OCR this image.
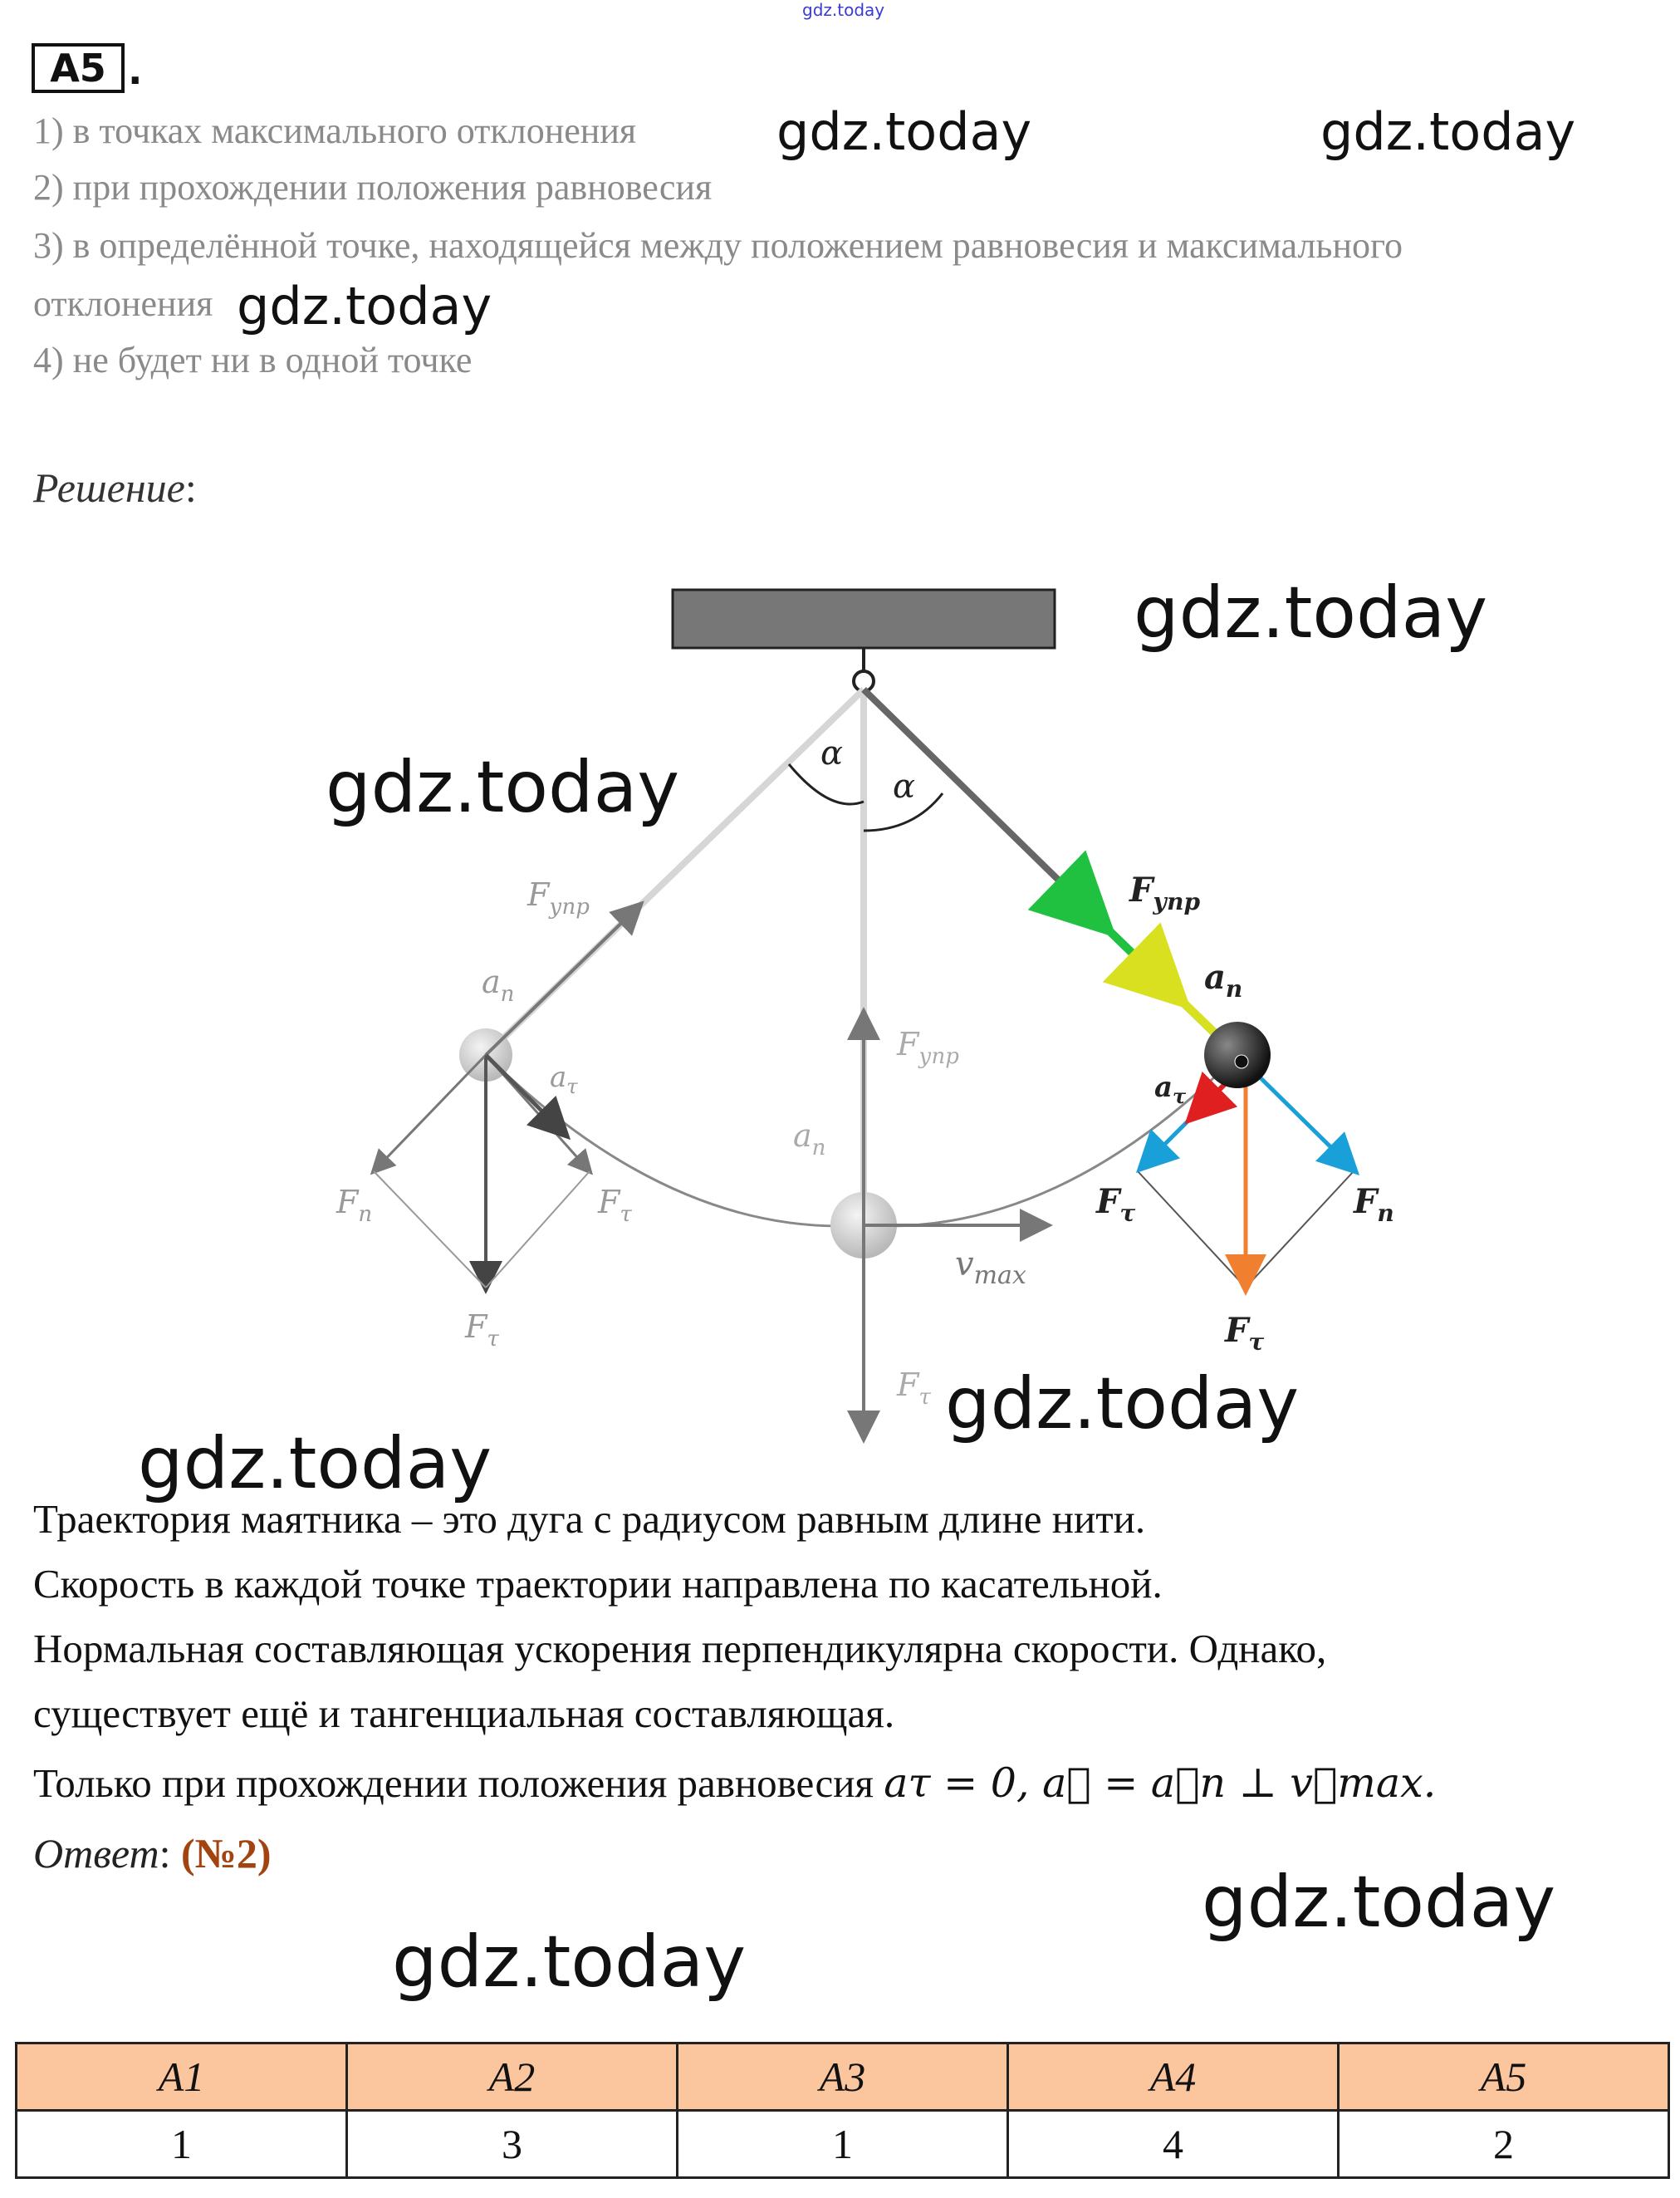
gdz.today
A5 .
1) в точках максимального отклонения
2) при прохождении положения равновесия
3) в определённой точке, находящейся между положением равновесия и максимального
отклонения
4) не будет ни в одной точке
gdz.today	gdz.today
gdz.today
gdz.today
gdz.today
gdz.today
gdz.today
gdz.today
gdz.today
Решение:
α
α
$F_{упр}$
$a_n$
$a_\tau$
$F_n$	$F_\tau$
$F_\tau$
$F_{упр}$
$a_n$
$v_{max}$
$F_\tau$
$F_{упр}$
$a_n$
$a_\tau$
$F_\tau$	$F_n$
$F_\tau$
Траектория маятника – это дуга с радиусом равным длине нити.
Скорость в каждой точке траектории направлена по касательной.
Нормальная составляющая ускорения перпендикулярна скорости. Однако,
существует ещё и тангенциальная составляющая.
Только при прохождении положения равновесия aτ = 0, a⃗ = a⃗n ⊥ v⃗max.
Ответ: (№2)
A1	A2	A3	A4	A5
1	3	1	4	2
